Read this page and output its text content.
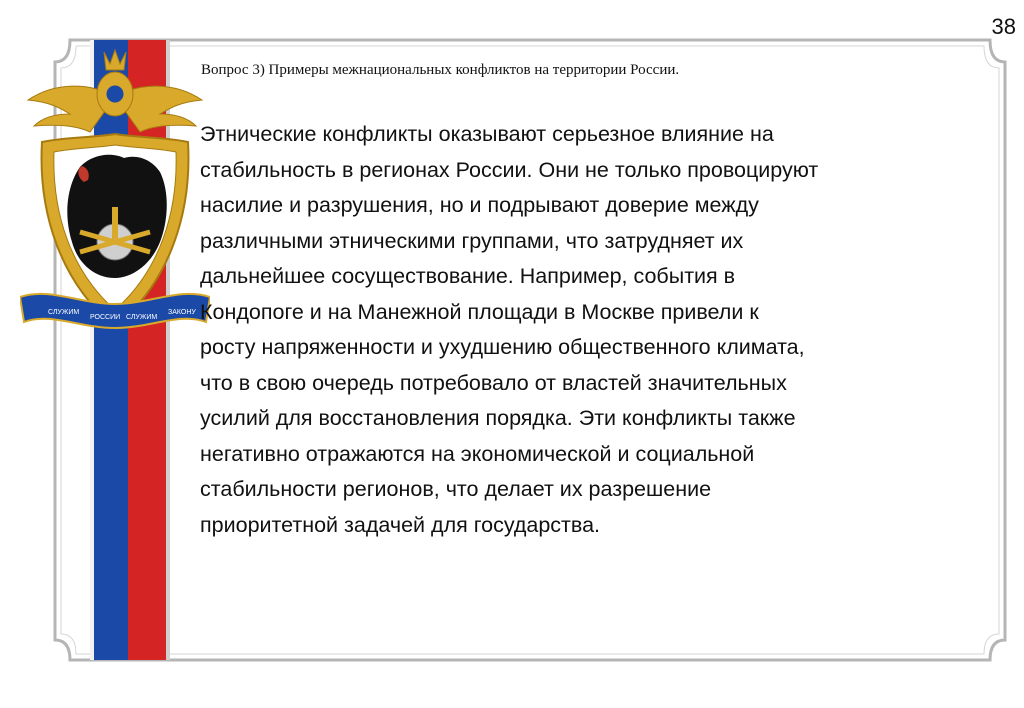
38
СЛУЖИМ
РОССИИ СЛУЖИМ
ЗАКОНУ
Вопрос 3) Примеры межнациональных конфликтов на территории России.
Этнические конфликты оказывают серьезное влияние на
стабильность в регионах России. Они не только провоцируют
насилие и разрушения, но и подрывают доверие между
различными этническими группами, что затрудняет их
дальнейшее сосуществование. Например, события в
Кондопоге и на Манежной площади в Москве привели к
росту напряженности и ухудшению общественного климата,
что в свою очередь потребовало от властей значительных
усилий для восстановления порядка. Эти конфликты также
негативно отражаются на экономической и социальной
стабильности регионов, что делает их разрешение
приоритетной задачей для государства.
